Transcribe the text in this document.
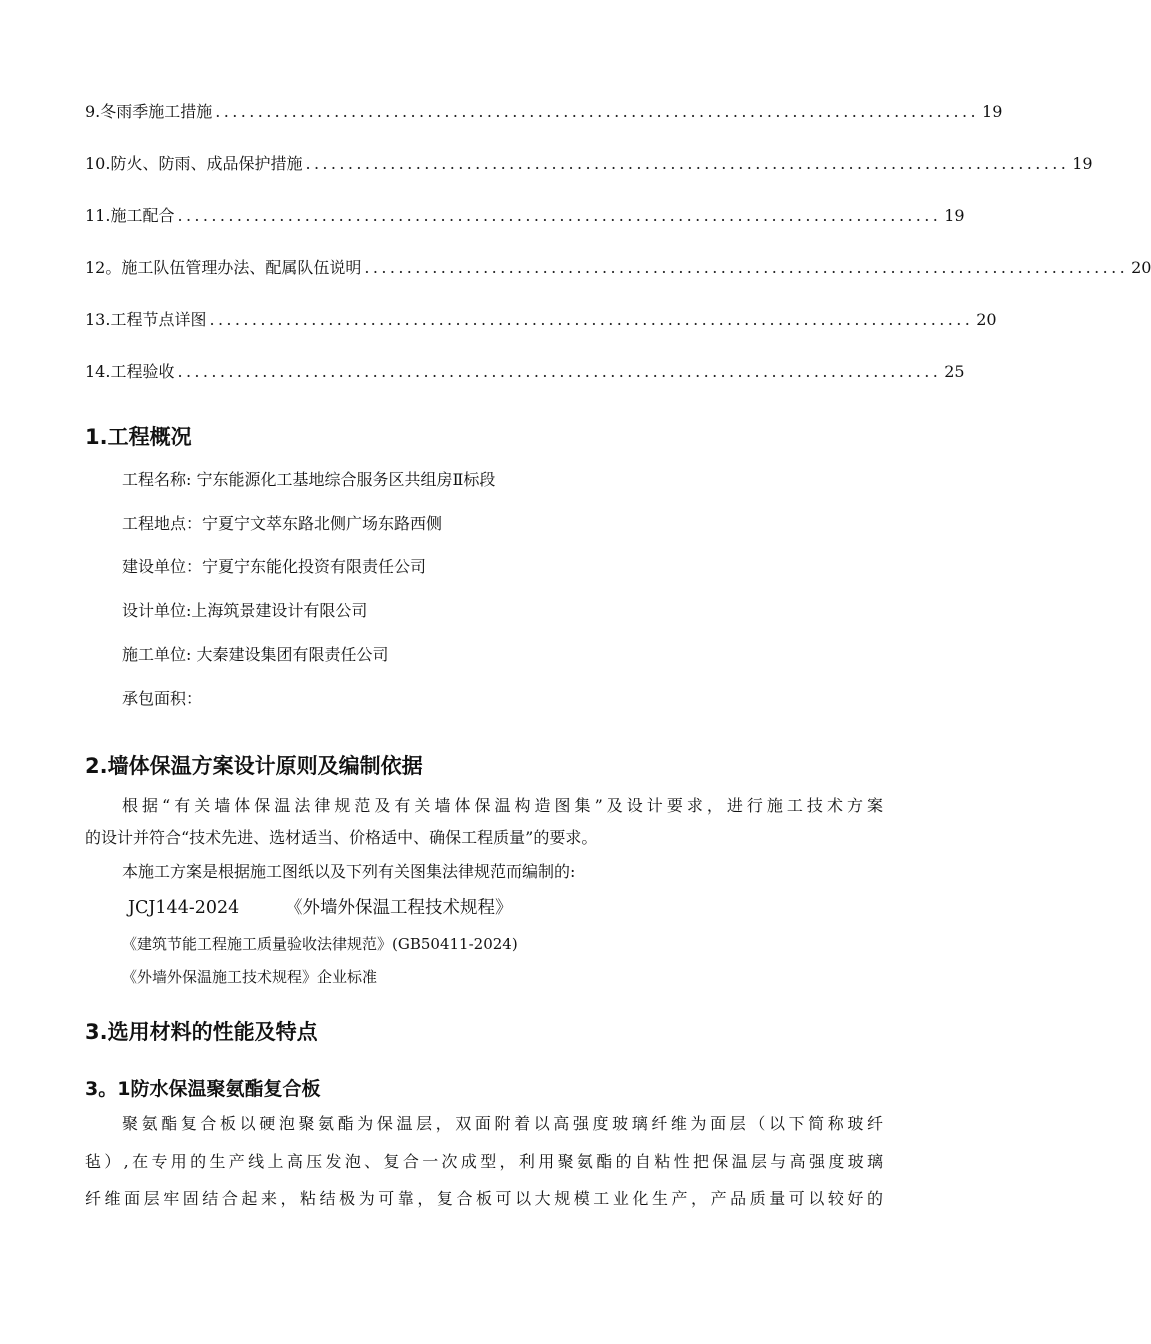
9.冬雨季施工措施 .......................................................................................... 19
10.防火、防雨、成品保护措施 .......................................................................................... 19
11.施工配合 .......................................................................................... 19
12。施工队伍管理办法、配属队伍说明 .......................................................................................... 20
13.工程节点详图 .......................................................................................... 20
14.工程验收 .......................................................................................... 25
1.工程概况
工程名称: 宁东能源化工基地综合服务区共组房Ⅱ标段
工程地点：宁夏宁文萃东路北侧广场东路西侧
建设单位：宁夏宁东能化投资有限责任公司
设计单位:上海筑景建设计有限公司
施工单位: 大秦建设集团有限责任公司
承包面积：
2.墙体保温方案设计原则及编制依据
根据“有关墙体保温法律规范及有关墙体保温构造图集”及设计要求，进行施工技术方案
的设计并符合“技术先进、选材适当、价格适中、确保工程质量”的要求。
本施工方案是根据施工图纸以及下列有关图集法律规范而编制的:
JCJ144-2024	《外墙外保温工程技术规程》
《建筑节能工程施工质量验收法律规范》(GB50411-2024)
《外墙外保温施工技术规程》企业标准
3.选用材料的性能及特点
3。1防水保温聚氨酯复合板
聚氨酯复合板以硬泡聚氨酯为保温层，双面附着以高强度玻璃纤维为面层（以下简称玻纤
毡）,在专用的生产线上高压发泡、复合一次成型，利用聚氨酯的自粘性把保温层与高强度玻璃
纤维面层牢固结合起来，粘结极为可靠，复合板可以大规模工业化生产，产品质量可以较好的
